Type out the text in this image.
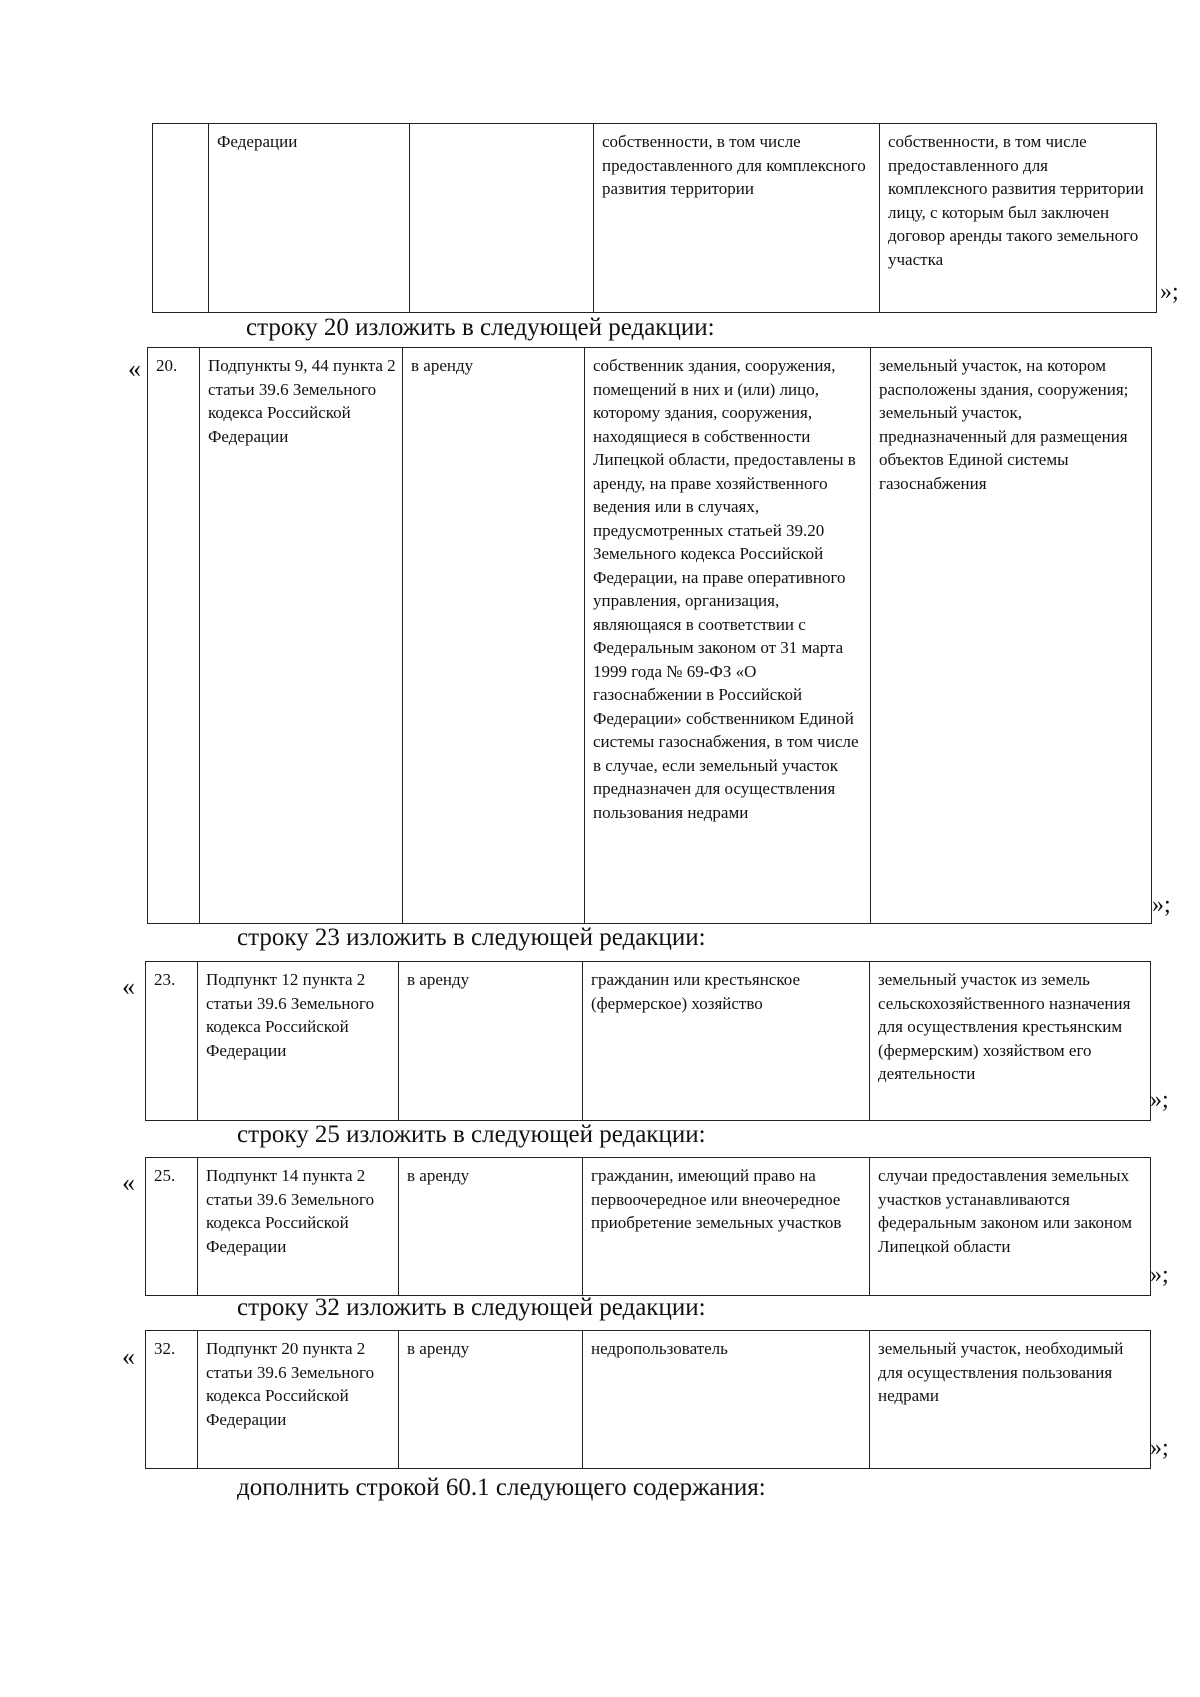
	Федерации		собственности, в том числе предоставленного для комплексного развития территории	собственности, в том числе предоставленного для комплексного развития территории лицу, с которым был заключен договор аренды такого земельного участка
»;
строку 20 изложить в следующей редакции:
« 20.	Подпункты 9, 44 пункта 2 статьи 39.6 Земельного кодекса Российской Федерации	в аренду	собственник здания, сооружения, помещений в них и (или) лицо, которому здания, сооружения, находящиеся в собственности Липецкой области, предоставлены в аренду, на праве хозяйственного ведения или в случаях, предусмотренных статьей 39.20 Земельного кодекса Российской Федерации, на праве оперативного управления, организация, являющаяся в соответствии с Федеральным законом от 31 марта 1999 года № 69-ФЗ «О газоснабжении в Российской Федерации» собственником Единой системы газоснабжения, в том числе в случае, если земельный участок предназначен для осуществления пользования недрами	земельный участок, на котором расположены здания, сооружения; земельный участок, предназначенный для размещения объектов Единой системы газоснабжения
»;
строку 23 изложить в следующей редакции:
« 23.	Подпункт 12 пункта 2 статьи 39.6 Земельного кодекса Российской Федерации	в аренду	гражданин или крестьянское (фермерское) хозяйство	земельный участок из земель сельскохозяйственного назначения для осуществления крестьянским (фермерским) хозяйством его деятельности
»;
строку 25 изложить в следующей редакции:
« 25.	Подпункт 14 пункта 2 статьи 39.6 Земельного кодекса Российской Федерации	в аренду	гражданин, имеющий право на первоочередное или внеочередное приобретение земельных участков	случаи предоставления земельных участков устанавливаются федеральным законом или законом Липецкой области
»;
строку 32 изложить в следующей редакции:
« 32.	Подпункт 20 пункта 2 статьи 39.6 Земельного кодекса Российской Федерации	в аренду	недропользователь	земельный участок, необходимый для осуществления пользования недрами
»;
дополнить строкой 60.1 следующего содержания:
